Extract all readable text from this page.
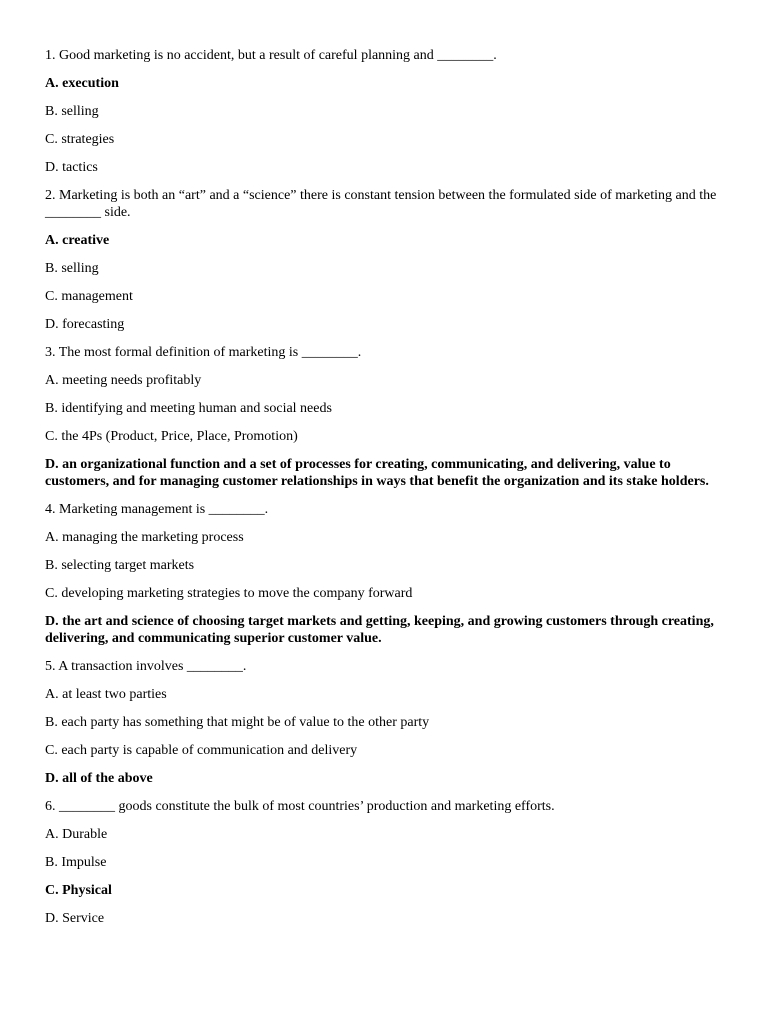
1. Good marketing is no accident, but a result of careful planning and ________.

A. execution

B. selling

C. strategies

D. tactics

2. Marketing is both an “art” and a “science” there is constant tension between the formulated side of marketing and the ________ side.

A. creative

B. selling

C. management

D. forecasting

3. The most formal definition of marketing is ________.

A. meeting needs profitably

B. identifying and meeting human and social needs

C. the 4Ps (Product, Price, Place, Promotion)

D. an organizational function and a set of processes for creating, communicating, and delivering, value to customers, and for managing customer relationships in ways that benefit the organization and its stake holders.

4. Marketing management is ________.

A. managing the marketing process

B. selecting target markets

C. developing marketing strategies to move the company forward

D. the art and science of choosing target markets and getting, keeping, and growing customers through creating, delivering, and communicating superior customer value.

5. A transaction involves ________.

A. at least two parties

B. each party has something that might be of value to the other party

C. each party is capable of communication and delivery

D. all of the above

6. ________ goods constitute the bulk of most countries’ production and marketing efforts.

A. Durable

B. Impulse

C. Physical

D. Service
